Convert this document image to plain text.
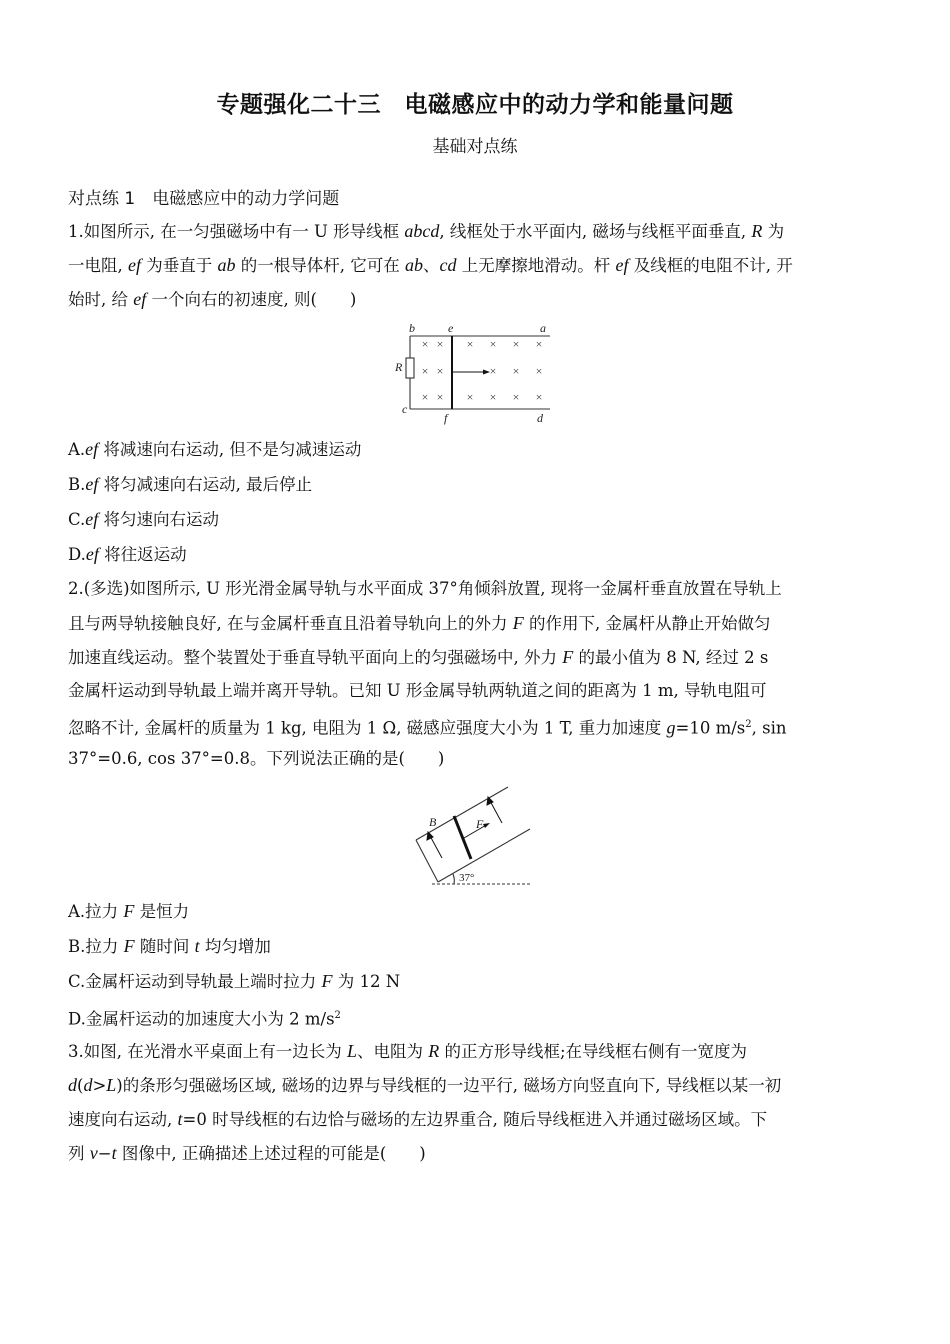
专题强化二十三　电磁感应中的动力学和能量问题
基础对点练
对点练 1　电磁感应中的动力学问题
1.如图所示, 在一匀强磁场中有一 U 形导线框 abcd, 线框处于水平面内, 磁场与线框平面垂直, R 为
一电阻, ef 为垂直于 ab 的一根导体杆, 它可在 ab、cd 上无摩擦地滑动。杆 ef 及线框的电阻不计, 开
始时, 给 ef 一个向右的初速度, 则(　　)
× × × × × ×
× ×	× × ×
× × × × × ×
b	e	a
R
c
f	d
A.ef 将减速向右运动, 但不是匀减速运动
B.ef 将匀减速向右运动, 最后停止
C.ef 将匀速向右运动
D.ef 将往返运动
2.(多选)如图所示, U 形光滑金属导轨与水平面成 37°角倾斜放置, 现将一金属杆垂直放置在导轨上
且与两导轨接触良好, 在与金属杆垂直且沿着导轨向上的外力 F 的作用下, 金属杆从静止开始做匀
加速直线运动。整个装置处于垂直导轨平面向上的匀强磁场中, 外力 F 的最小值为 8 N, 经过 2 s
金属杆运动到导轨最上端并离开导轨。已知 U 形金属导轨两轨道之间的距离为 1 m, 导轨电阻可
忽略不计, 金属杆的质量为 1 kg, 电阻为 1 Ω, 磁感应强度大小为 1 T, 重力加速度 g=10 $m/s^2$, sin
37°=0.6, cos 37°=0.8。下列说法正确的是(　　)
B	F
37°
A.拉力 F 是恒力
B.拉力 F 随时间 t 均匀增加
C.金属杆运动到导轨最上端时拉力 F 为 12 N
D.金属杆运动的加速度大小为 2 $m/s^2$
3.如图, 在光滑水平桌面上有一边长为 L、电阻为 R 的正方形导线框;在导线框右侧有一宽度为
d(d>L)的条形匀强磁场区域, 磁场的边界与导线框的一边平行, 磁场方向竖直向下, 导线框以某一初
速度向右运动, t=0 时导线框的右边恰与磁场的左边界重合, 随后导线框进入并通过磁场区域。下
列 v−t 图像中, 正确描述上述过程的可能是(　　)
